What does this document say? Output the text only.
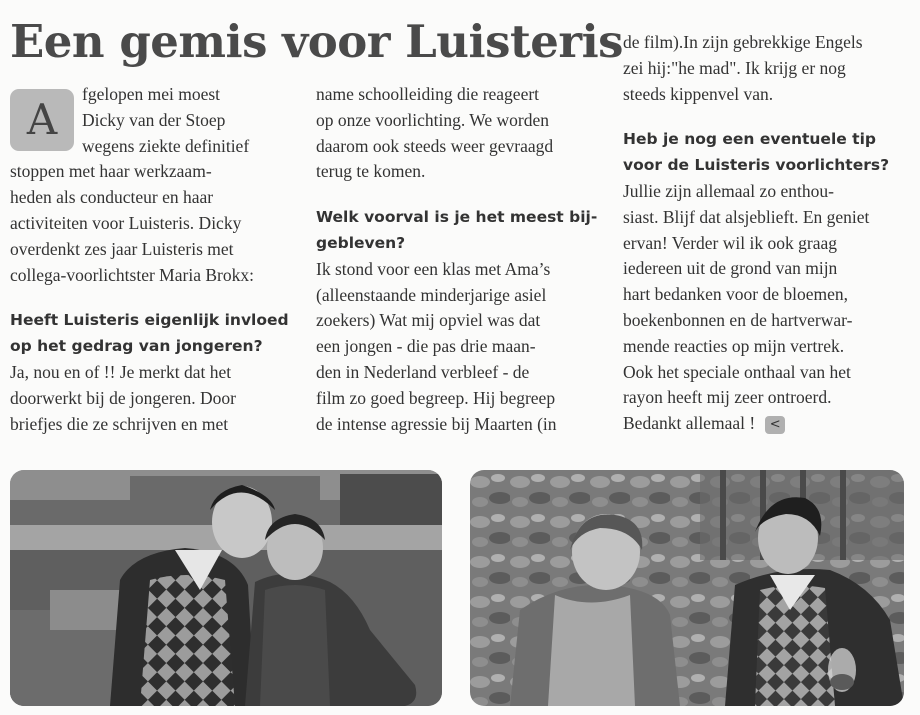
Een gemis voor Luisteris
A

fgelopen mei moest

Dicky van der Stoep

wegens ziekte definitief

stoppen met haar werkzaam-

heden als conducteur en haar

activiteiten voor Luisteris. Dicky

overdenkt zes jaar Luisteris met

collega-voorlichtster Maria Brokx:

Heeft Luisteris eigenlijk invloed

op het gedrag van jongeren?

Ja, nou en of !! Je merkt dat het

doorwerkt bij de jongeren. Door

briefjes die ze schrijven en met

name schoolleiding die reageert

op onze voorlichting. We worden

daarom ook steeds weer gevraagd

terug te komen.

Welk voorval is je het meest bij-

gebleven?

Ik stond voor een klas met Ama’s

(alleenstaande minderjarige asiel

zoekers) Wat mij opviel was dat

een jongen - die pas drie maan-

den in Nederland verbleef - de

film zo goed begreep. Hij begreep

de intense agressie bij Maarten (in

de film).In zijn gebrekkige Engels

zei hij:"he mad". Ik krijg er nog

steeds kippenvel van.

Heb je nog een eventuele tip

voor de Luisteris voorlichters?

Jullie zijn allemaal zo enthou-

siast. Blijf dat alsjeblieft. En geniet

ervan! Verder wil ik ook graag

iedereen uit de grond van mijn

hart bedanken voor de bloemen,

boekenbonnen en de hartverwar-

mende reacties op mijn vertrek.

Ook het speciale onthaal van het

rayon heeft mij zeer ontroerd.

Bedankt allemaal ! <
